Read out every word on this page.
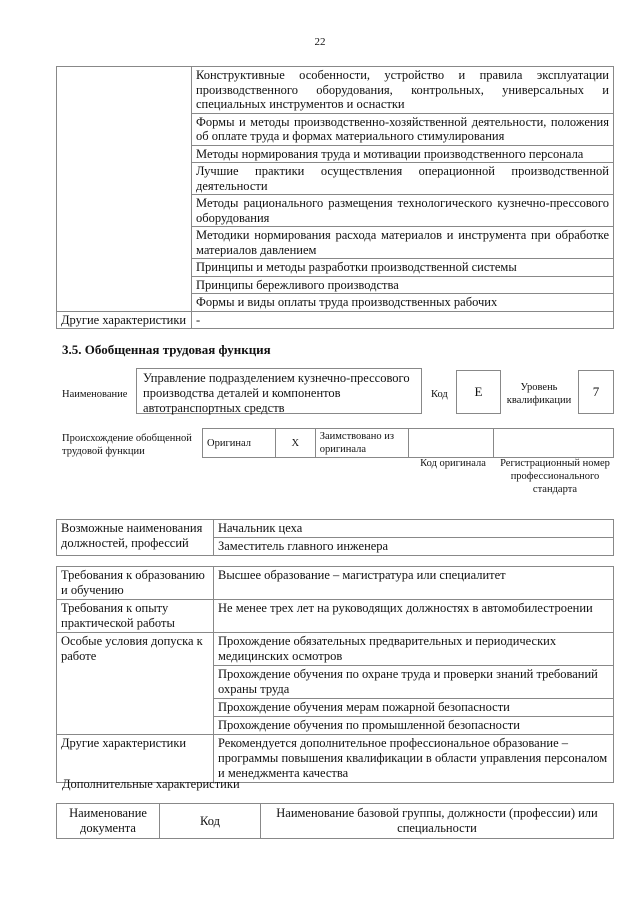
22
	Конструктивные особенности, устройство и правила эксплуатации производственного оборудования, контрольных, универсальных и специальных инструментов и оснастки
	Формы и методы производственно-хозяйственной деятельности, положения об оплате труда и формах материального стимулирования
	Методы нормирования труда и мотивации производственного персонала
	Лучшие практики осуществления операционной производственной деятельности
	Методы рационального размещения технологического кузнечно-прессового оборудования
	Методики нормирования расхода материалов и инструмента при обработке материалов давлением
	Принципы и методы разработки производственной системы
	Принципы бережливого производства
	Формы и виды оплаты труда производственных рабочих
Другие характеристики	-
3.5. Обобщенная трудовая функция
Наименование
Управление подразделением кузнечно-прессового производства деталей и компонентов автотранспортных средств
Код	E	Уровень квалификации
7
Происхождение обобщенной трудовой функции
Оригинал	X	Заимствовано из оригинала		
Код оригинала	Регистрационный номер профессионального стандарта
Возможные наименования должностей, профессий	Начальник цеха
Заместитель главного инженера
Требования к образованию и обучению	Высшее образование – магистратура или специалитет
Требования к опыту практической работы	Не менее трех лет на руководящих должностях в автомобилестроении
Особые условия допуска к работе	Прохождение обязательных предварительных и периодических медицинских осмотров
Прохождение обучения по охране труда и проверки знаний требований охраны труда
Прохождение обучения мерам пожарной безопасности
Прохождение обучения по промышленной безопасности

Другие характеристики	Рекомендуется дополнительное профессиональное образование – программы повышения квалификации в области управления персоналом и менеджмента качества
Дополнительные характеристики
Наименование документа	Код	Наименование базовой группы, должности (профессии) или специальности
